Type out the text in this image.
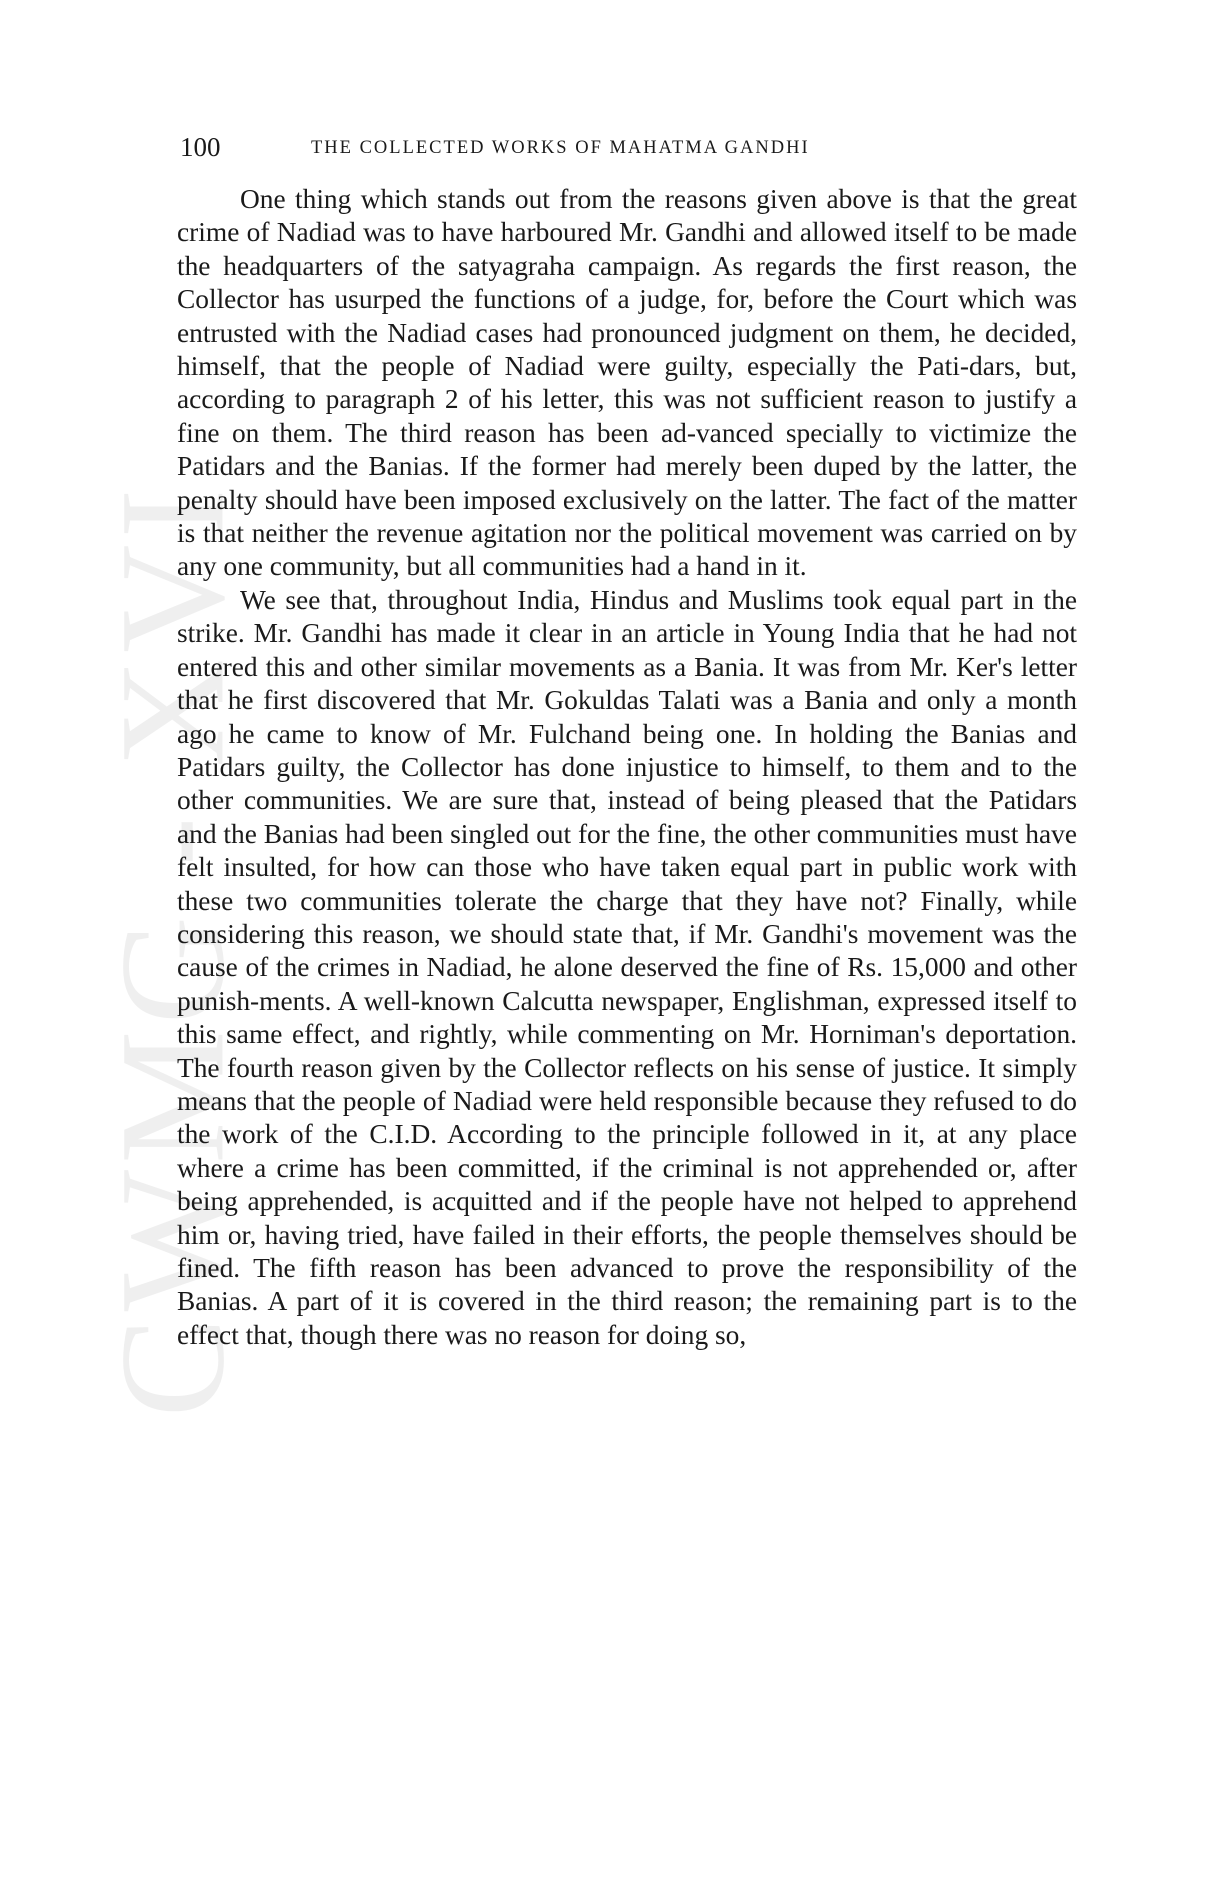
CWMG - XVI
100	THE COLLECTED WORKS OF MAHATMA GANDHI

One thing which stands out from the reasons given above is that the great crime of Nadiad was to have harboured Mr. Gandhi and allowed itself to be made the headquarters of the satyagraha campaign. As regards the first reason, the Collector has usurped the functions of a judge, for, before the Court which was entrusted with the Nadiad cases had pronounced judgment on them, he decided, himself, that the people of Nadiad were guilty, especially the Pati-dars, but, according to paragraph 2 of his letter, this was not sufficient reason to justify a fine on them. The third reason has been ad-vanced specially to victimize the Patidars and the Banias. If the former had merely been duped by the latter, the penalty should have been imposed exclusively on the latter. The fact of the matter is that neither the revenue agitation nor the political movement was carried on by any one community, but all communities had a hand in it.

We see that, throughout India, Hindus and Muslims took equal part in the strike. Mr. Gandhi has made it clear in an article in Young India that he had not entered this and other similar movements as a Bania. It was from Mr. Ker's letter that he first discovered that Mr. Gokuldas Talati was a Bania and only a month ago he came to know of Mr. Fulchand being one. In holding the Banias and Patidars guilty, the Collector has done injustice to himself, to them and to the other communities. We are sure that, instead of being pleased that the Patidars and the Banias had been singled out for the fine, the other communities must have felt insulted, for how can those who have taken equal part in public work with these two communities tolerate the charge that they have not? Finally, while considering this reason, we should state that, if Mr. Gandhi's movement was the cause of the crimes in Nadiad, he alone deserved the fine of Rs. 15,000 and other punish-ments. A well-known Calcutta newspaper, Englishman, expressed itself to this same effect, and rightly, while commenting on Mr. Horniman's deportation. The fourth reason given by the Collector reflects on his sense of justice. It simply means that the people of Nadiad were held responsible because they refused to do the work of the C.I.D. According to the principle followed in it, at any place where a crime has been committed, if the criminal is not apprehended or, after being apprehended, is acquitted and if the people have not helped to apprehend him or, having tried, have failed in their efforts, the people themselves should be fined. The fifth reason has been advanced to prove the responsibility of the Banias. A part of it is covered in the third reason; the remaining part is to the effect that, though there was no reason for doing so,
